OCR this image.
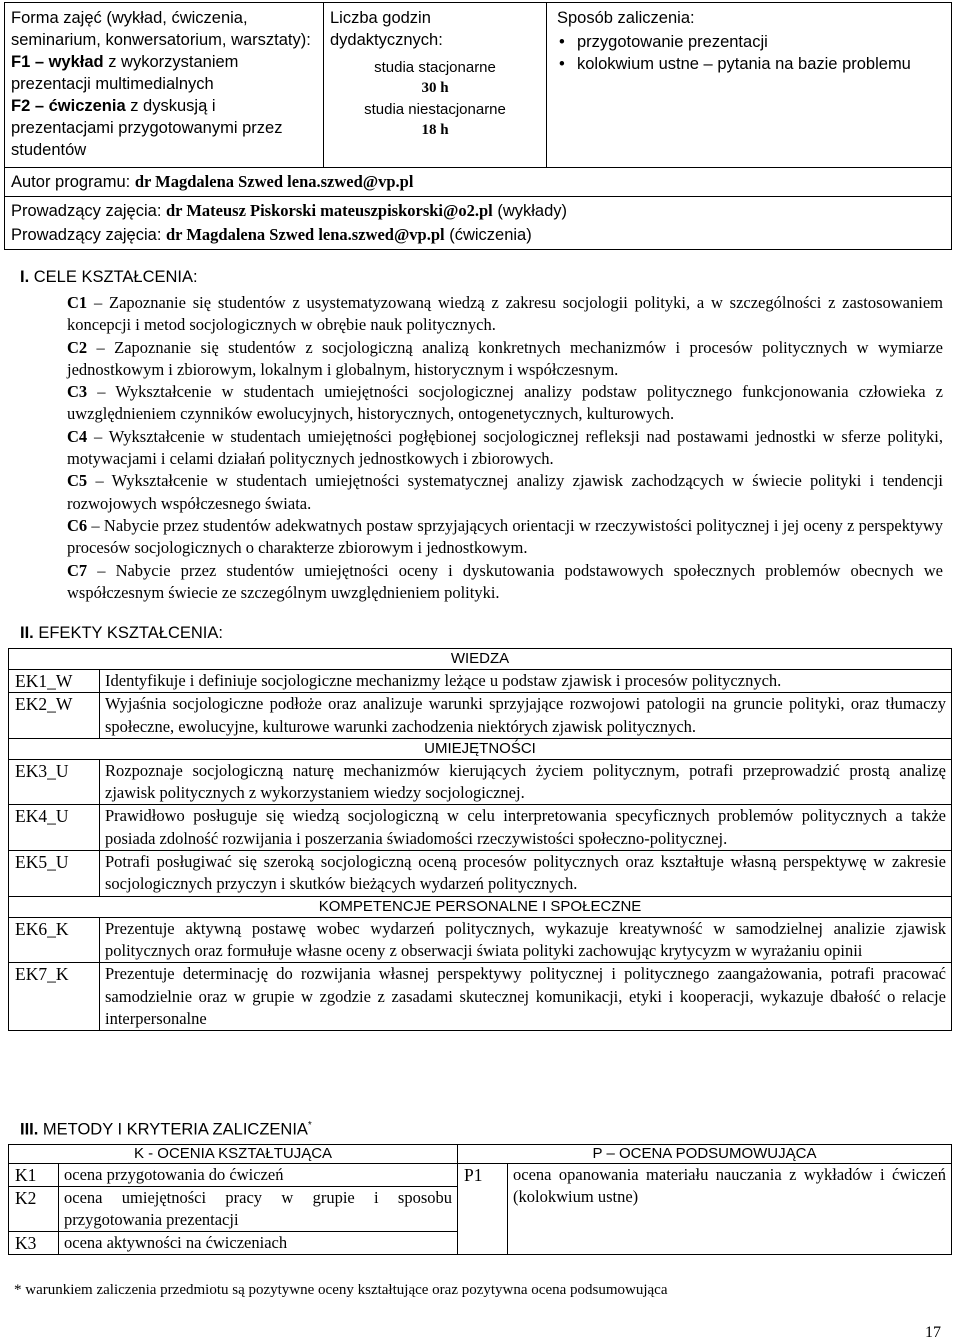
Forma zajęć (wykład, ćwiczenia,
seminarium, konwersatorium, warsztaty):
F1 – wykład z wykorzystaniem
prezentacji multimedialnych
F2 – ćwiczenia z dyskusją i
prezentacjami przygotowanymi przez
studentów

Liczba godzin
dydaktycznych:
studia stacjonarne
30 h
studia niestacjonarne
18 h

Sposób zaliczenia:
• przygotowanie prezentacji
• kolokwium ustne – pytania na bazie problemu

Autor programu: dr Magdalena Szwed lena.szwed@vp.pl
Prowadzący zajęcia: dr Mateusz Piskorski mateuszpiskorski@o2.pl (wykłady)
Prowadzący zajęcia: dr Magdalena Szwed lena.szwed@vp.pl (ćwiczenia)
I. CELE KSZTAŁCENIA:

C1 – Zapoznanie się studentów z usystematyzowaną wiedzą z zakresu socjologii polityki, a w szczególności z zastosowaniem koncepcji i metod socjologicznych w obrębie nauk politycznych.

C2 – Zapoznanie się studentów z socjologiczną analizą konkretnych mechanizmów i procesów politycznych w wymiarze jednostkowym i zbiorowym, lokalnym i globalnym, historycznym i współczesnym.

C3 – Wykształcenie w studentach umiejętności socjologicznej analizy podstaw politycznego funkcjonowania człowieka z uwzględnieniem czynników ewolucyjnych, historycznych, ontogenetycznych, kulturowych.

C4 – Wykształcenie w studentach umiejętności pogłębionej socjologicznej refleksji nad postawami jednostki w sferze polityki, motywacjami i celami działań politycznych jednostkowych i zbiorowych.

C5 – Wykształcenie w studentach umiejętności systematycznej analizy zjawisk zachodzących w świecie polityki i tendencji rozwojowych współczesnego świata.

C6 – Nabycie przez studentów adekwatnych postaw sprzyjających orientacji w rzeczywistości politycznej i jej oceny z perspektywy procesów socjologicznych o charakterze zbiorowym i jednostkowym.

C7 – Nabycie przez studentów umiejętności oceny i dyskutowania podstawowych społecznych problemów obecnych we współczesnym świecie ze szczególnym uwzględnieniem polityki.

II. EFEKTY KSZTAŁCENIA:
WIEDZA	
EK1_W	Identyfikuje i definiuje socjologiczne mechanizmy leżące u podstaw zjawisk i procesów politycznych.
EK2_W	Wyjaśnia socjologiczne podłoże oraz analizuje warunki sprzyjające rozwojowi patologii na gruncie polityki, oraz tłumaczy społeczne, ewolucyjne, kulturowe warunki zachodzenia niektórych zjawisk politycznych.
UMIEJĘTNOŚCI	
EK3_U	Rozpoznaje socjologiczną naturę mechanizmów kierujących życiem politycznym, potrafi przeprowadzić prostą analizę zjawisk politycznych z wykorzystaniem wiedzy socjologicznej.
EK4_U	Prawidłowo posługuje się wiedzą socjologiczną w celu interpretowania specyficznych problemów politycznych a także posiada zdolność rozwijania i poszerzania świadomości rzeczywistości społeczno-politycznej.
EK5_U	Potrafi posługiwać się szeroką socjologiczną oceną procesów politycznych oraz kształtuje własną perspektywę w zakresie socjologicznych przyczyn i skutków bieżących wydarzeń politycznych.
KOMPETENCJE PERSONALNE I SPOŁECZNE	
EK6_K	Prezentuje aktywną postawę wobec wydarzeń politycznych, wykazuje kreatywność w samodzielnej analizie zjawisk politycznych oraz formułuje własne oceny z obserwacji świata polityki zachowując krytycyzm w wyrażaniu opinii
EK7_K	Prezentuje determinację do rozwijania własnej perspektywy politycznej i politycznego zaangażowania, potrafi pracować samodzielnie oraz w grupie w zgodzie z zasadami skutecznej komunikacji, etyki i kooperacji, wykazuje dbałość o relacje interpersonalne
III. METODY I KRYTERIA ZALICZENIA*
K - OCENIA KSZTAŁTUJĄCA		P – OCENA PODSUMOWUJĄCA	
K1	ocena przygotowania do ćwiczeń	P1	ocena opanowania materiału nauczania z wykładów i ćwiczeń (kolokwium ustne)
K2	ocena umiejętności pracy w grupie i sposobu przygotowania prezentacji		
K3	ocena aktywności na ćwiczeniach		
* warunkiem zaliczenia przedmiotu są pozytywne oceny kształtujące oraz pozytywna ocena podsumowująca
17
